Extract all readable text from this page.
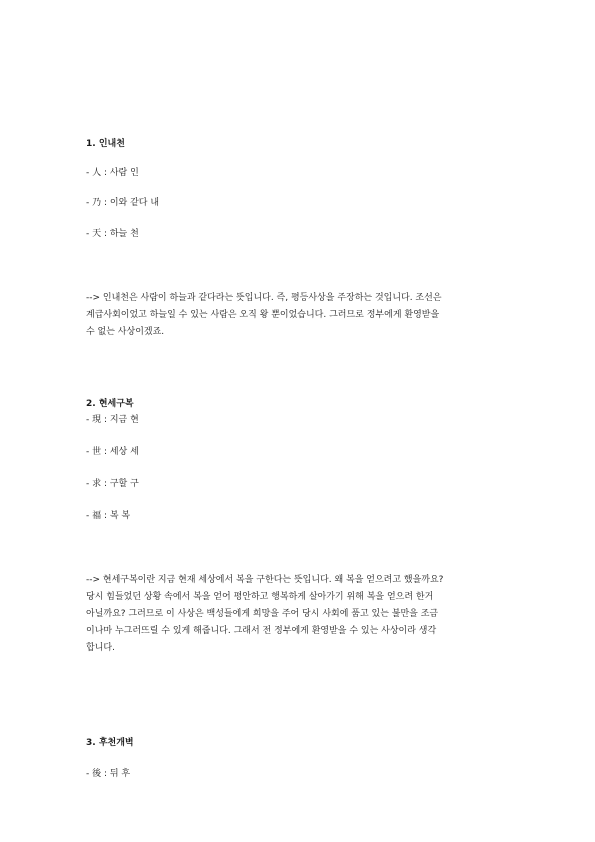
1. 인내천
- 人 : 사람 인
- 乃 : 이와 같다 내
- 天 : 하늘 천
--> 인내천은 사람이 하늘과 같다라는 뜻입니다. 즉, 평등사상을 주장하는 것입니다. 조선은
계급사회이었고 하늘일 수 있는 사람은 오직 왕 뿐이었습니다. 그러므로 정부에게 환영받을
수 없는 사상이겠죠.
2. 현세구복
- 現 : 지금 현
- 世 : 세상 세
- 求 : 구할 구
- 福 : 복 복
--> 현세구복이란 지금 현재 세상에서 복을 구한다는 뜻입니다. 왜 복을 얻으려고 했을까요?
당시 힘들었던 상황 속에서 복을 얻어 평안하고 행복하게 살아가기 위해 복을 얻으려 한거
아닐까요? 그러므로 이 사상은 백성들에게 희망을 주어 당시 사회에 품고 있는 불만을 조금
이나마 누그러뜨릴 수 있게 해줍니다. 그래서 전 정부에게 환영받을 수 있는 사상이라 생각
합니다.
3. 후천개벽
- 後 : 뒤 후
